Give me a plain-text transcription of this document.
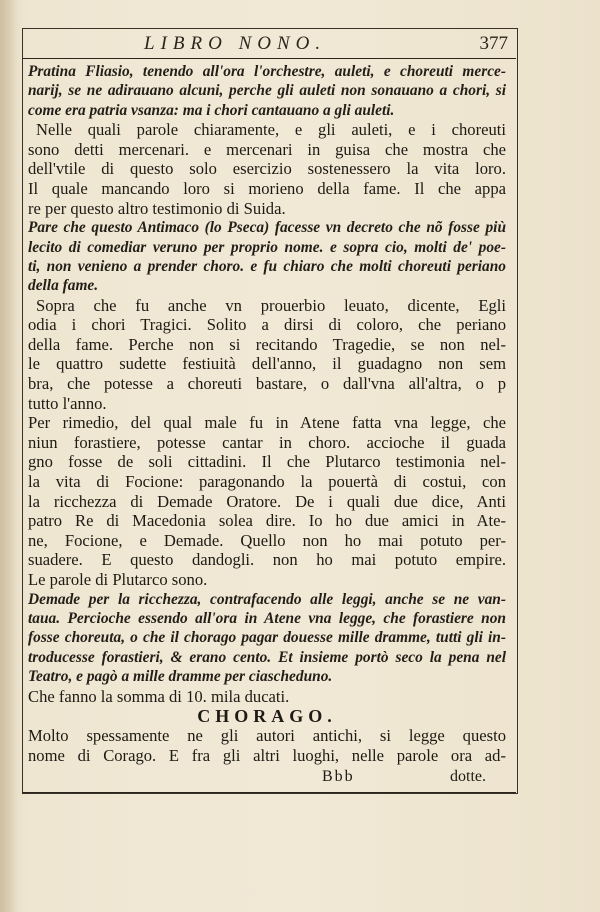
LIBRO NONO.	377
Pratina Fliasio, tenendo all'ora l'orchestre, auleti, e choreuti merce-
narij, se ne adirauano alcuni, perche gli auleti non sonauano a chori, si
come era patria vsanza: ma i chori cantauano a gli auleti.
Nelle quali parole chiaramente, e gli auleti, e i choreuti
sono detti mercenari. e mercenari in guisa che mostra che
dell'vtile di questo solo esercizio sostenessero la vita loro.
Il quale mancando loro si morieno della fame. Il che appa
re per questo altro testimonio di Suida.
Pare che questo Antimaco (lo Pseca) facesse vn decreto che nõ fosse più
lecito di comediar veruno per proprio nome. e sopra cio, molti de' poe-
ti, non venieno a prender choro. e fu chiaro che molti choreuti periano
della fame.
Sopra che fu anche vn prouerbio leuato, dicente, Egli
odia i chori Tragici. Solito a dirsi di coloro, che periano
della fame. Perche non si recitando Tragedie, se non nel-
le quattro sudette festiuità dell'anno, il guadagno non sem
bra, che potesse a choreuti bastare, o dall'vna all'altra, o p
tutto l'anno.
Per rimedio, del qual male fu in Atene fatta vna legge, che
niun forastiere, potesse cantar in choro. accioche il guada
gno fosse de soli cittadini. Il che Plutarco testimonia nel-
la vita di Focione: paragonando la pouertà di costui, con
la ricchezza di Demade Oratore. De i quali due dice, Anti
patro Re di Macedonia solea dire. Io ho due amici in Ate-
ne, Focione, e Demade. Quello non ho mai potuto per-
suadere. E questo dandogli. non ho mai potuto empire.
Le parole di Plutarco sono.
Demade per la ricchezza, contrafacendo alle leggi, anche se ne van-
taua. Percioche essendo all'ora in Atene vna legge, che forastiere non
fosse choreuta, o che il chorago pagar douesse mille dramme, tutti gli in-
troducesse forastieri, & erano cento. Et insieme portò seco la pena nel
Teatro, e pagò a mille dramme per ciascheduno.
Che fanno la somma di 10. mila ducati.
CHORAGO.
Molto spessamente ne gli autori antichi, si legge questo
nome di Corago. E fra gli altri luoghi, nelle parole ora ad-
Bbb	dotte.
